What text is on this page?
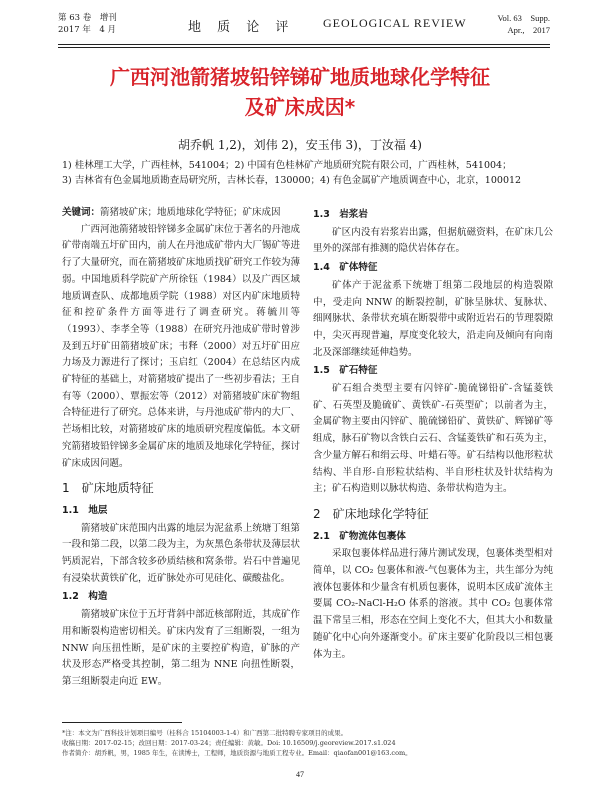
第 63 卷　增刊
2017 年　4 月	地 质 论 评 GEOLOGICAL REVIEW	Vol. 63　Supp.
Apr.,　2017
广西河池箭猪坡铅锌锑矿地质地球化学特征
及矿床成因*
胡乔帆 1,2)，刘伟 2)，安玉伟 3)，丁汝福 4)
1) 桂林理工大学，广西桂林，541004；2) 中国有色桂林矿产地质研究院有限公司，广西桂林，541004；
3) 吉林省有色金属地质勘查局研究所，吉林长春，130000；4) 有色金属矿产地质调查中心，北京，100012

关键词：箭猪坡矿床；地质地球化学特征；矿床成因

广西河池箭猪坡铅锌锑多金属矿床位于著名的丹池成矿带南端五圩矿田内，前人在丹池成矿带内大厂锡矿等进行了大量研究，而在箭猪坡矿床地质找矿研究工作较为薄弱。中国地质科学院矿产所徐钰（1984）以及广西区域地质调查队、成都地质学院（1988）对区内矿床地质特征和控矿条件方面等进行了调查研究。蒋毓川等（1993）、李孝全等（1988）在研究丹池成矿带时曾涉及到五圩矿田箭猪坡矿床；韦释（2000）对五圩矿田应力场及力源进行了探讨；玉启红（2004）在总结区内成矿特征的基础上，对箭猪坡矿提出了一些初步看法；王自有等（2000）、覃振宏等（2012）对箭猪坡矿床矿物组合特征进行了研究。总体来讲，与丹池成矿带内的大厂、芒场相比较，对箭猪坡矿床的地质研究程度偏低。本文研究箭猪坡铅锌锑多金属矿床的地质及地球化学特征，探讨矿床成因问题。

1　矿床地质特征
1.1　地层

箭猪坡矿床范围内出露的地层为泥盆系上统塘丁组第一段和第二段，以第二段为主，为灰黑色条带状及薄层状钙质泥岩，下部含较多砂质结核和窝条带。岩石中普遍见有浸染状黄铁矿化，近矿脉处亦可见硅化、碳酸盐化。

1.2　构造

箭猪坡矿床位于五圩背斜中部近核部附近，其成矿作用和断裂构造密切相关。矿床内发育了三组断裂，一组为 NNW 向压扭性断，是矿床的主要控矿构造，矿脉的产状及形态严格受其控制，第二组为 NNE 向扭性断裂，第三组断裂走向近 EW。

1.3　岩浆岩

矿区内没有岩浆岩出露，但据航磁资料，在矿床几公里外的深部有推测的隐伏岩体存在。

1.4　矿体特征

矿体产于泥盆系下统塘丁组第二段地层的构造裂隙中，受走向 NNW 的断裂控制，矿脉呈脉状、复脉状、细网脉状、条带状充填在断裂带中或附近岩石的节理裂隙中，尖灭再现普遍，厚度变化较大，沿走向及倾向有向南北及深部继续延伸趋势。

1.5　矿石特征

矿石组合类型主要有闪锌矿-脆硫锑铅矿-含锰菱铁矿、石英型及脆硫矿、黄铁矿-石英型矿；以前者为主，金属矿物主要由闪锌矿、脆硫锑铅矿、黄铁矿、辉锑矿等组成，脉石矿物以含铁白云石、含锰菱铁矿和石英为主，含少量方解石和绢云母、叶蜡石等。矿石结构以他形粒状结构、半自形-自形粒状结构、半自形柱状及针状结构为主；矿石构造则以脉状构造、条带状构造为主。

2　矿床地球化学特征
2.1　矿物流体包裹体

采取包裹体样品进行薄片测试发现，包裹体类型相对简单，以 CO₂ 包裹体和液-气包裹体为主，共生部分为纯液体包裹体和少量含有机质包裹体，说明本区成矿流体主要属 CO₂-NaCl-H₂O 体系的溶液。其中 CO₂ 包裹体常温下常呈三相，形态在空间上变化不大，但其大小和数量随矿化中心向外逐渐变小。矿床主要矿化阶段以三相包裹体为主。

*注：本文为广西科技计划项目编号（桂科合 15104003-1-4）和广西第二批特聘专家项目的成果。
收稿日期：2017-02-15；改回日期：2017-03-24；责任编辑：黄敏。Doi: 10.16509/j.georeview.2017.s1.024
作者简介：胡乔帆，男，1985 年生，在读博士，工程师，地质资源与地质工程专业。Email：qiaofan001@163.com。
47
